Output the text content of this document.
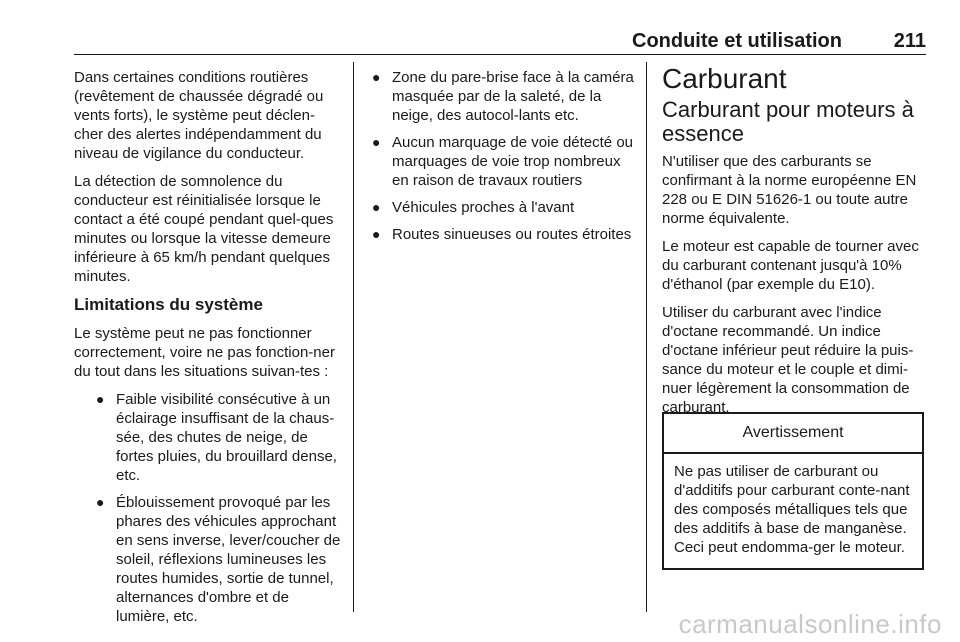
Conduite et utilisation	211

Dans certaines conditions routières (revêtement de chaussée dégradé ou vents forts), le système peut déclen-cher des alertes indépendamment du niveau de vigilance du conducteur.

La détection de somnolence du conducteur est réinitialisée lorsque le contact a été coupé pendant quel-ques minutes ou lorsque la vitesse demeure inférieure à 65 km/h pendant quelques minutes.

Limitations du système

Le système peut ne pas fonctionner correctement, voire ne pas fonction-ner du tout dans les situations suivan-tes :

● Faible visibilité consécutive à un éclairage insuffisant de la chaus-sée, des chutes de neige, de fortes pluies, du brouillard dense, etc.
● Éblouissement provoqué par les phares des véhicules approchant en sens inverse, lever/coucher de soleil, réflexions lumineuses les routes humides, sortie de tunnel, alternances d'ombre et de lumière, etc.
● Zone du pare-brise face à la caméra masquée par de la saleté, de la neige, des autocol-lants etc.
● Aucun marquage de voie détecté ou marquages de voie trop nombreux en raison de travaux routiers
● Véhicules proches à l'avant
● Routes sinueuses ou routes étroites
Carburant
Carburant pour moteurs à essence

N'utiliser que des carburants se confirmant à la norme européenne EN 228 ou E DIN 51626-1 ou toute autre norme équivalente.

Le moteur est capable de tourner avec du carburant contenant jusqu'à 10% d'éthanol (par exemple du E10).

Utiliser du carburant avec l'indice d'octane recommandé. Un indice d'octane inférieur peut réduire la puis-sance du moteur et le couple et dimi-nuer légèrement la consommation de carburant.

Avertissement
Ne pas utiliser de carburant ou d'additifs pour carburant conte-nant des composés métalliques tels que des additifs à base de manganèse. Ceci peut endomma-ger le moteur.
carmanualsonline.info
